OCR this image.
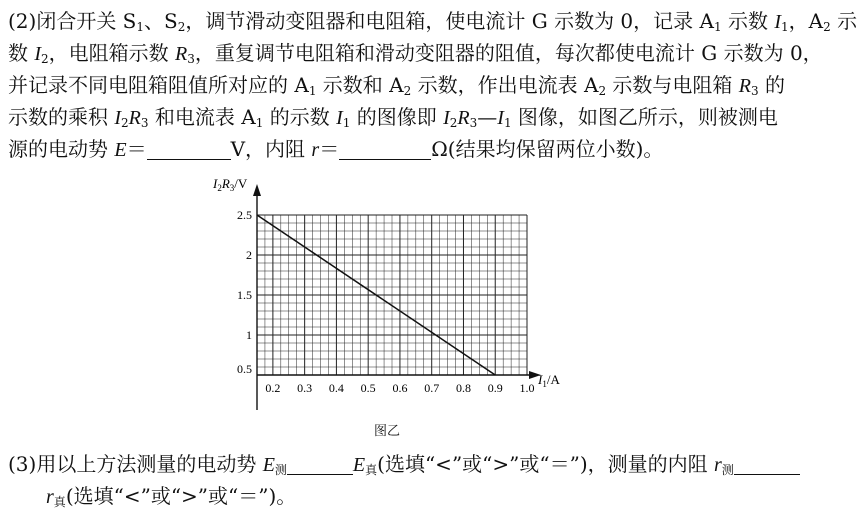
(2)闭合开关 $S_1$、$S_2$，调节滑动变阻器和电阻箱，使电流计 G 示数为 0，记录 $A_1$ 示数 $I_1$，$A_2$ 示
数 $I_2$，电阻箱示数 $R_3$，重复调节电阻箱和滑动变阻器的阻值，每次都使电流计 G 示数为 0，
并记录不同电阻箱阻值所对应的 $A_1$ 示数和 $A_2$ 示数，作出电流表 $A_2$ 示数与电阻箱 $R_3$ 的
示数的乘积 $I_2R_3$ 和电流表 $A_1$ 的示数 $I_1$ 的图像即 $I_2R_3—I_1$ 图像，如图乙所示，则被测电
源的电动势 E＝	V，内阻 r＝	Ω(结果均保留两位小数)。
0.2 0.3 0.4 0.5 0.6 0.7 0.8 0.9 1.0
0.5
1
1.5
2
2.5
$I_2R_3/V$
$I_1/A$
图乙
(3)用以上方法测量的电动势 $E_测$	$E_真$(选填“<”或“>”或“＝”)，测量的内阻 $r_测$
$r_真$(选填“<”或“>”或“＝”)。
